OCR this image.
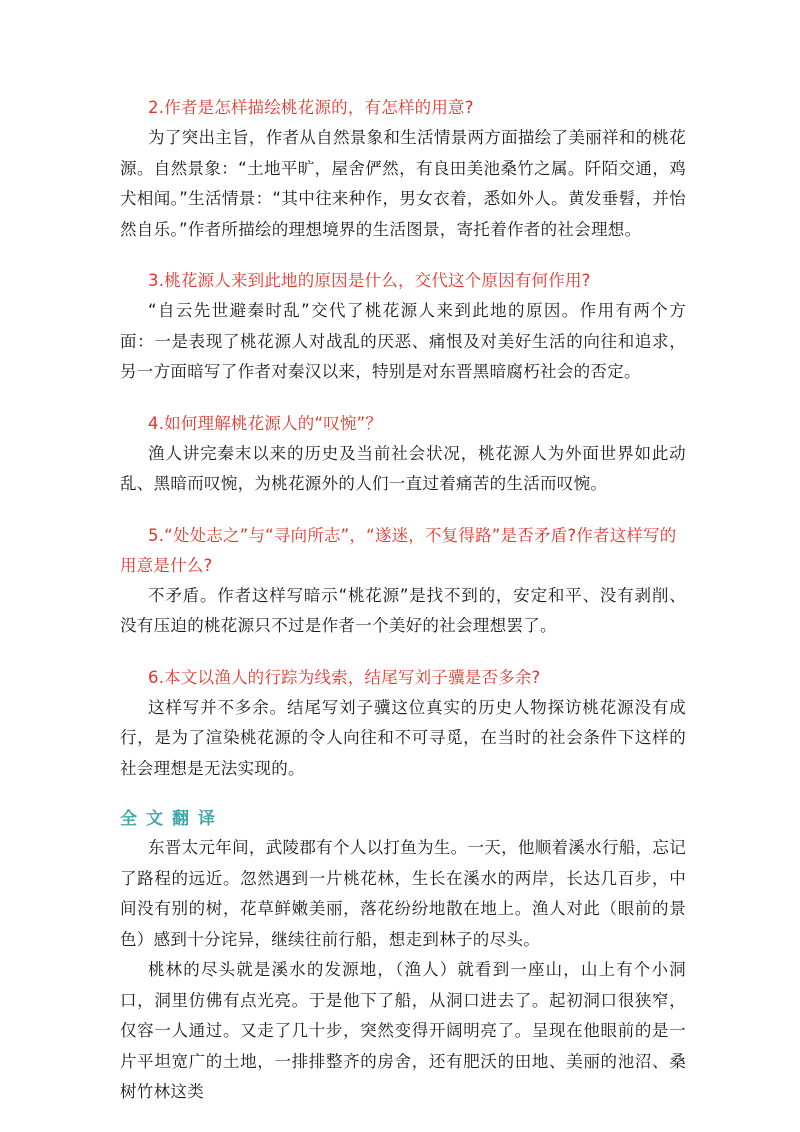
2.作者是怎样描绘桃花源的，有怎样的用意?

为了突出主旨，作者从自然景象和生活情景两方面描绘了美丽祥和的桃花源。自然景象：“土地平旷，屋舍俨然，有良田美池桑竹之属。阡陌交通，鸡犬相闻。”生活情景：“其中往来种作，男女衣着，悉如外人。黄发垂髫，并怡然自乐。”作者所描绘的理想境界的生活图景，寄托着作者的社会理想。

3.桃花源人来到此地的原因是什么，交代这个原因有何作用?

“自云先世避秦时乱”交代了桃花源人来到此地的原因。作用有两个方面：一是表现了桃花源人对战乱的厌恶、痛恨及对美好生活的向往和追求，另一方面暗写了作者对秦汉以来，特别是对东晋黑暗腐朽社会的否定。

4.如何理解桃花源人的“叹惋”？

渔人讲完秦末以来的历史及当前社会状况，桃花源人为外面世界如此动乱、黑暗而叹惋，为桃花源外的人们一直过着痛苦的生活而叹惋。

5.“处处志之”与“寻向所志”，“遂迷，不复得路”是否矛盾?作者这样写的用意是什么?

不矛盾。作者这样写暗示“桃花源”是找不到的，安定和平、没有剥削、没有压迫的桃花源只不过是作者一个美好的社会理想罢了。

6.本文以渔人的行踪为线索，结尾写刘子骥是否多余?

这样写并不多余。结尾写刘子骥这位真实的历史人物探访桃花源没有成行，是为了渲染桃花源的令人向往和不可寻觅，在当时的社会条件下这样的社会理想是无法实现的。

全文翻译

东晋太元年间，武陵郡有个人以打鱼为生。一天，他顺着溪水行船，忘记了路程的远近。忽然遇到一片桃花林，生长在溪水的两岸，长达几百步，中间没有别的树，花草鲜嫩美丽，落花纷纷地散在地上。渔人对此（眼前的景色）感到十分诧异，继续往前行船，想走到林子的尽头。

桃林的尽头就是溪水的发源地，（渔人）就看到一座山，山上有个小洞口，洞里仿佛有点光亮。于是他下了船，从洞口进去了。起初洞口很狭窄，仅容一人通过。又走了几十步，突然变得开阔明亮了。呈现在他眼前的是一片平坦宽广的土地，一排排整齐的房舍，还有肥沃的田地、美丽的池沼、桑树竹林这类
